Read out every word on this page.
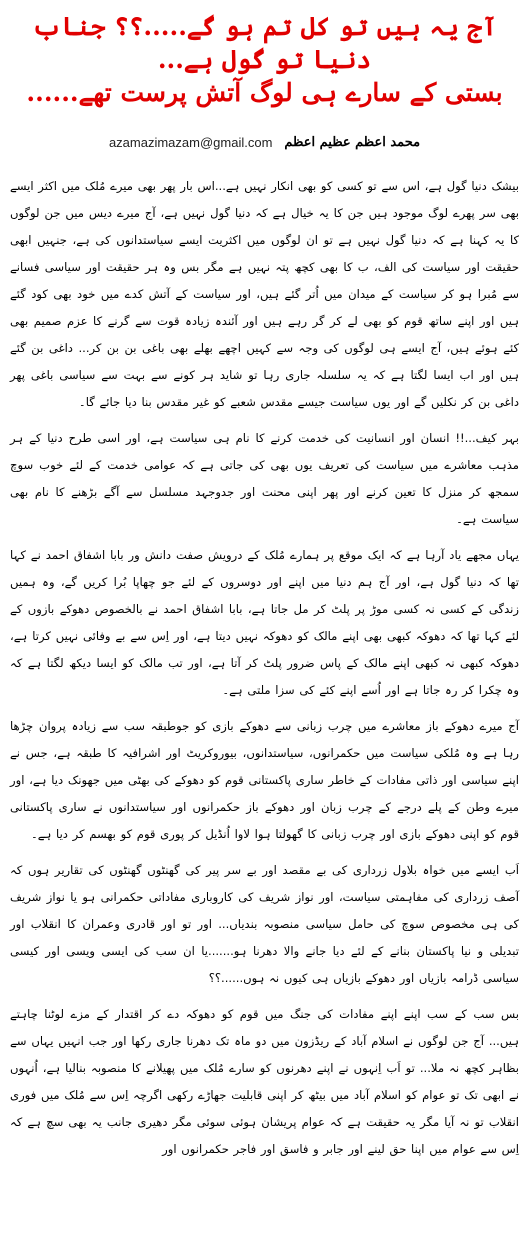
آج یہ ہیں تو کل تم ہو گے.....؟؟ جناب دنیا تو گول ہے...
بستی کے سارے ہی لوگ آتش پرست تھے......
azamazimazam@gmail.com محمد اعظم عظیم اعظم

بیشک دنیا گول ہے، اس سے تو کسی کو بھی انکار نہیں ہے...اس بار پھر بھی میرے مُلک میں اکثر ایسے بھی سر پھرے لوگ موجود ہیں جن کا یہ خیال ہے کہ دنیا گول نہیں ہے، آج میرے دیس میں جن لوگوں کا یہ کہنا ہے کہ دنیا گول نہیں ہے تو ان لوگوں میں اکثریت ایسے سیاستدانوں کی ہے، جنہیں ابھی حقیقت اور سیاست کی الف، ب کا بھی کچھ پتہ نہیں ہے مگر بس وہ ہر حقیقت اور سیاسی فسانے سے مُبرا ہو کر سیاست کے میدان میں اُتر گئے ہیں، اور سیاست کے آتش کدے میں خود بھی کود گئے ہیں اور اپنے ساتھ قوم کو بھی لے کر گر رہے ہیں اور آئندہ زیادہ قوت سے گرنے کا عزم صمیم بھی کئے ہوئے ہیں، آج ایسے ہی لوگوں کی وجہ سے کہیں اچھے بھلے بھی باغی بن بن کر... داغی بن گئے ہیں اور اب ایسا لگتا ہے کہ یہ سلسلہ جاری رہا تو شاید ہر کونے سے بہت سے سیاسی باغی پھر داغی بن کر نکلیں گے اور یوں سیاست جیسے مقدس شعبے کو غیر مقدس بنا دیا جائے گا۔

بہر کیف...!! انسان اور انسانیت کی خدمت کرنے کا نام ہی سیاست ہے، اور اسی طرح دنیا کے ہر مذہب معاشرے میں سیاست کی تعریف یوں بھی کی جاتی ہے کہ عوامی خدمت کے لئے خوب سوچ سمجھ کر منزل کا تعین کرنے اور پھر اپنی محنت اور جدوجہد مسلسل سے آگے بڑھنے کا نام بھی سیاست ہے۔

یہاں مجھے یاد آرہا ہے کہ ایک موقع پر ہمارے مُلک کے درویش صفت دانش ور بابا اشفاق احمد نے کہا تھا کہ دنیا گول ہے، اور آج ہم دنیا میں اپنے اور دوسروں کے لئے جو چھاپا بُرا کریں گے، وہ ہمیں زندگی کے کسی نہ کسی موڑ پر پلٹ کر مل جاتا ہے، بابا اشفاق احمد نے بالخصوص دھوکے بازوں کے لئے کہا تھا کہ دھوکہ کبھی بھی اپنے مالک کو دھوکہ نہیں دیتا ہے، اور اِس سے بے وفائی نہیں کرتا ہے، دھوکہ کبھی نہ کبھی اپنے مالک کے پاس ضرور پلٹ کر آتا ہے، اور تب مالک کو ایسا دیکھ لگتا ہے کہ وہ چکرا کر رہ جاتا ہے اور اُسے اپنے کئے کی سزا ملتی ہے۔

آج میرے دھوکے باز معاشرے میں چرب زبانی سے دھوکے بازی کو جوطبقہ سب سے زیادہ پروان چڑھا رہا ہے وہ مُلکی سیاست میں حکمرانوں، سیاستدانوں، بیوروکریٹ اور اشرافیہ کا طبقہ ہے، جس نے اپنے سیاسی اور ذاتی مفادات کے خاطر ساری پاکستانی قوم کو دھوکے کی بھٹی میں جھونک دیا ہے، اور میرے وطن کے پلے درجے کے چرب زبان اور دھوکے باز حکمرانوں اور سیاستدانوں نے ساری پاکستانی قوم کو اپنی دھوکے بازی اور چرب زبانی کا گھولتا ہوا لاوا اُنڈیل کر پوری قوم کو بھسم کر دیا ہے۔

اَب ایسے میں خواہ بلاول زرداری کی بے مقصد اور بے سر پیر کی گھنٹوں گھنٹوں کی تقاریر ہوں کہ آصف زرداری کی مفاہمتی سیاست، اور نواز شریف کی کاروباری مفاداتی حکمرانی ہو یا نواز شریف کی ہی مخصوص سوچ کی حامل سیاسی منصوبہ بندیاں... اور تو اور قادری وعمران کا انقلاب اور تبدیلی و نیا پاکستان بنانے کے لئے دیا جانے والا دھرنا ہو.......یا ان سب کی ایسی ویسی اور کیسی سیاسی ڈرامہ بازیاں اور دھوکے بازیاں ہی کیوں نہ ہوں......؟؟

بس سب کے سب اپنے اپنے مفادات کی جنگ میں قوم کو دھوکہ دے کر اقتدار کے مزے لوٹنا چاہتے ہیں... آج جن لوگوں نے اسلام آباد کے ریڈزون میں دو ماہ تک دھرنا جاری رکھا اور جب انہیں یہاں سے بظاہر کچھ نہ ملا... تو اَب اِنہوں نے اپنے دھرنوں کو سارے مُلک میں پھیلانے کا منصوبہ بنالیا ہے، اُنہوں نے ابھی تک تو عوام کو اسلام آباد میں بیٹھ کر اپنی قابلیت جھاڑے رکھی اگرچہ اِس سے مُلک میں فوری انقلاب تو نہ آیا مگر یہ حقیقت ہے کہ عوام پریشان ہوئی سوئی مگر دھیری جانب یہ بھی سچ ہے کہ اِس سے عوام میں اپنا حق لینے اور جابر و فاسق اور فاجر حکمرانوں اور
